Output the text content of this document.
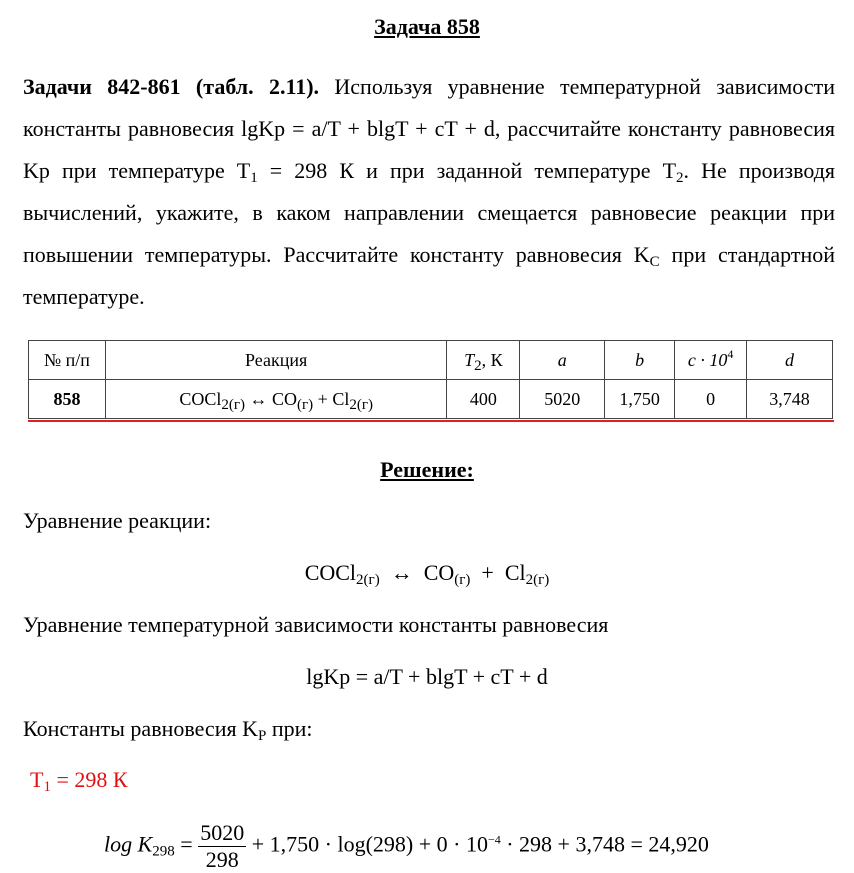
Задача 858
Задачи 842-861 (табл. 2.11). Используя уравнение температурной зависимости константы равновесия lgKp = a/T + blgT + cT + d, рассчитайте константу равновесия Kp при температуре $T_1 = 298$ К и при заданной температуре $T_2$. Не производя вычислений, укажите, в каком направлении смещается равновесие реакции при повышении температуры. Рассчитайте константу равновесия $K_C$ при стандартной температуре.
№ п/п	Реакция	$T_2$, К	a	b	$c \cdot 10^4$	d
858	COCl$_{2(г)}$ ↔ $CO_{(г)} + Cl_{2(г)}$	400	5020	1,750	0	3,748
Решение:
Уравнение реакции:
COCl$_{2(г)}$  ↔  $CO_{(г)} + Cl_{2(г)}$
Уравнение температурной зависимости константы равновесия
lgKp = a/T + blgT + cT + d
Константы равновесия $K_P$ при:
$T_1 = 298$ К
$\log K_{298} = \frac{5020}{298} + 1,750 \cdot \log(298) + 0 \cdot 10^{-4} \cdot 298 + 3,748 = 24,920$
